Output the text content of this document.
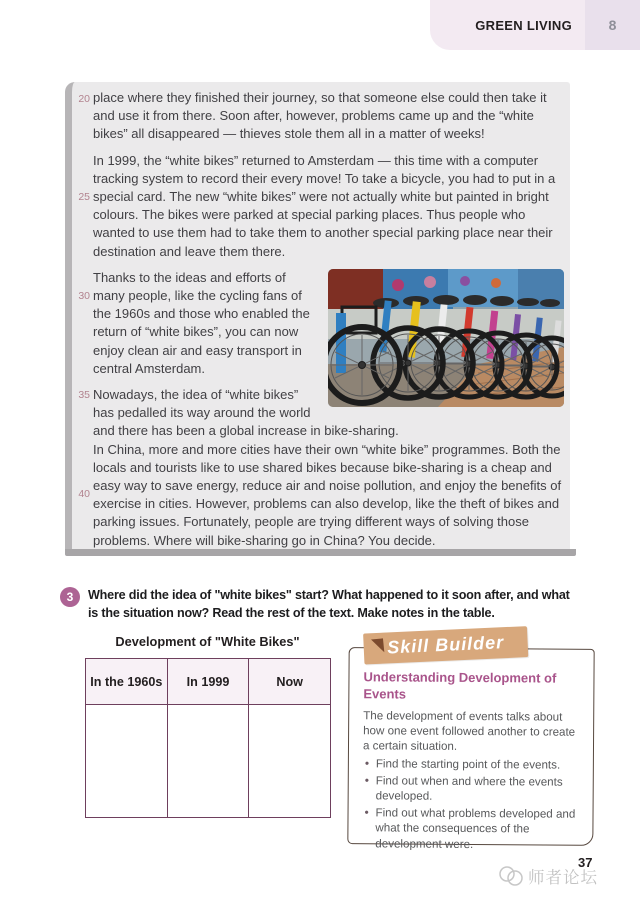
GREEN LIVING	8
20
25
30
35
40

place where they finished their journey, so that someone else could then take it and use it from there. Soon after, however, problems came up and the “white bikes” all disappeared — thieves stole them all in a matter of weeks!

In 1999, the “white bikes” returned to Amsterdam — this time with a computer tracking system to record their every move! To take a bicycle, you had to put in a special card. The new “white bikes” were not actually white but painted in bright colours. The bikes were parked at special parking places. Thus people who wanted to use them had to take them to another special parking place near their destination and leave them there.

Thanks to the ideas and efforts of many people, like the cycling fans of the 1960s and those who enabled the return of “white bikes”, you can now enjoy clean air and easy transport in central Amsterdam.

Nowadays, the idea of “white bikes” has pedalled its way around the world and there has been a global increase in bike-sharing.

In China, more and more cities have their own “white bike” programmes. Both the locals and tourists like to use shared bikes because bike-sharing is a cheap and easy way to save energy, reduce air and noise pollution, and enjoy the benefits of exercise in cities. However, problems can also develop, like the theft of bikes and parking issues. Fortunately, people are trying different ways of solving those problems. Where will bike-sharing go in China? You decide.

3	Where did the idea of "white bikes" start? What happened to it soon after, and what is the situation now? Read the rest of the text. Make notes in the table.
Development of "White Bikes"
In the 1960s	In 1999	Now

Skill Builder
Understanding Development of Events
The development of events talks about how one event followed another to create a certain situation.
• Find the starting point of the events.
• Find out when and where the events developed.
• Find out what problems developed and what the consequences of the development were.
37
师者论坛
